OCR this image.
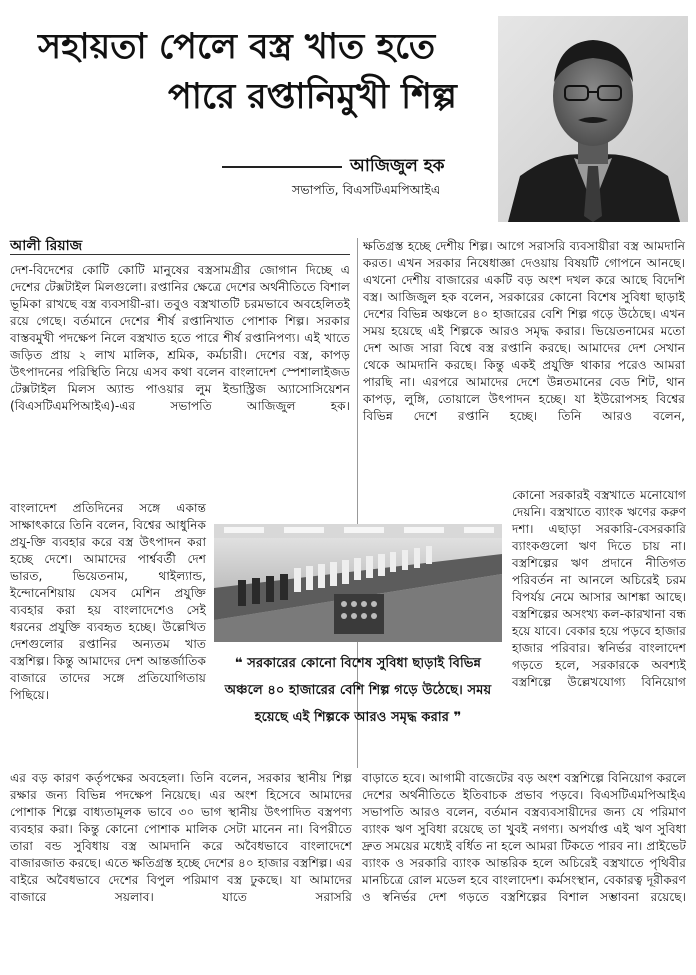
সহায়তা পেলে বস্ত্র খাত হতে
পারে রপ্তানিমুখী শিল্প
আজিজুল হক
সভাপতি, বিএসটিএমপিআইএ
আলী রিয়াজ

দেশ-বিদেশের কোটি কোটি মানুষের বস্ত্রসামগ্রীর জোগান দিচ্ছে এ দেশের টেক্সটাইল মিলগুলো। রপ্তানির ক্ষেত্রে দেশের অর্থনীতিতে বিশাল ভূমিকা রাখছে বস্ত্র ব্যবসায়ী-রা। তবুও বস্ত্রখাতটি চরমভাবে অবহেলিতই রয়ে গেছে। বর্তমানে দেশের শীর্ষ রপ্তানিখাত পোশাক শিল্প। সরকার বাস্তবমুখী পদক্ষেপ নিলে বস্ত্রখাত হতে পারে শীর্ষ রপ্তানিপণ্য। এই খাতে জড়িত প্রায় ২ লাখ মালিক, শ্রমিক, কর্মচারী। দেশের বস্ত্র, কাপড় উৎপাদনের পরিস্থিতি নিয়ে এসব কথা বলেন বাংলাদেশ স্পেশালাইজড টেক্সটাইল মিলস অ্যান্ড পাওয়ার লুম ইন্ডাস্ট্রিজ অ্যাসোসিয়েশন (বিএসটিএমপিআইএ)-এর সভাপতি আজিজুল হক।

বাংলাদেশ প্রতিদিনের সঙ্গে একান্ত সাক্ষাৎকারে তিনি বলেন, বিশ্বের আধুনিক প্রযু-ক্তি ব্যবহার করে বস্ত্র উৎপাদন করা হচ্ছে দেশে। আমাদের পার্শ্ববর্তী দেশ ভারত, ভিয়েতনাম, থাইল্যান্ড, ইন্দোনেশিয়ায় যেসব মেশিন প্রযুক্তি ব্যবহার করা হয় বাংলাদেশেও সেই ধরনের প্রযুক্তি ব্যবহৃত হচ্ছে। উল্লেখিত দেশগুলোর রপ্তানির অন্যতম খাত বস্ত্রশিল্প। কিন্তু আমাদের দেশ আন্তর্জাতিক বাজারে তাদের সঙ্গে প্রতিযোগিতায় পিছিয়ে।

ক্ষতিগ্রস্ত হচ্ছে দেশীয় শিল্প। আগে সরাসরি ব্যবসায়ীরা বস্ত্র আমদানি করত। এখন সরকার নিষেধাজ্ঞা দেওয়ায় বিষয়টি গোপনে আনছে। এখনো দেশীয় বাজারের একটি বড় অংশ দখল করে আছে বিদেশি বস্ত্র। আজিজুল হক বলেন, সরকারের কোনো বিশেষ সুবিধা ছাড়াই দেশের বিভিন্ন অঞ্চলে ৪০ হাজারের বেশি শিল্প গড়ে উঠেছে। এখন সময় হয়েছে এই শিল্পকে আরও সমৃদ্ধ করার। ভিয়েতনামের মতো দেশ আজ সারা বিশ্বে বস্ত্র রপ্তানি করছে। আমাদের দেশ সেখান থেকে আমদানি করছে। কিন্তু একই প্রযুক্তি থাকার পরেও আমরা পারছি না। এরপরে আমাদের দেশে উন্নতমানের বেড শিট, থান কাপড়, লুঙ্গি, তোয়ালে উৎপাদন হচ্ছে। যা ইউরোপসহ বিশ্বের বিভিন্ন দেশে রপ্তানি হচ্ছে। তিনি আরও বলেন,

কোনো সরকারই বস্ত্রখাতে মনোযোগ দেয়নি। বস্ত্রখাতে ব্যাংক ঋণের করুণ দশা। এছাড়া সরকারি-বেসরকারি ব্যাংকগুলো ঋণ দিতে চায় না। বস্ত্রশিল্পের ঋণ প্রদানে নীতিগত পরিবর্তন না আনলে অচিরেই চরম বিপর্যয় নেমে আসার আশঙ্কা আছে। বস্ত্রশিল্পের অসংখ্য কল-কারখানা বন্ধ হয়ে যাবে। বেকার হয়ে পড়বে হাজার হাজার পরিবার। স্বনির্ভর বাংলাদেশ গড়তে হলে, সরকারকে অবশ্যই বস্ত্রশিল্পে উল্লেখযোগ্য বিনিয়োগ

❝ সরকারের কোনো বিশেষ সুবিধা ছাড়াই বিভিন্ন অঞ্চলে ৪০ হাজারের বেশি শিল্প গড়ে উঠেছে। সময় হয়েছে এই শিল্পকে আরও সমৃদ্ধ করার ❞

এর বড় কারণ কর্তৃপক্ষের অবহেলা। তিনি বলেন, সরকার স্থানীয় শিল্প রক্ষার জন্য বিভিন্ন পদক্ষেপ নিয়েছে। এর অংশ হিসেবে আমাদের পোশাক শিল্পে বাধ্যতামূলক ভাবে ৩০ ভাগ স্থানীয় উৎপাদিত বস্ত্রপণ্য ব্যবহার করা। কিন্তু কোনো পোশাক মালিক সেটা মানেন না। বিপরীতে তারা বন্ড সুবিধায় বস্ত্র আমদানি করে অবৈধভাবে বাংলাদেশে বাজারজাত করছে। এতে ক্ষতিগ্রস্ত হচ্ছে দেশের ৪০ হাজার বস্ত্রশিল্প। এর বাইরে অবৈধভাবে দেশের বিপুল পরিমাণ বস্ত্র ঢুকছে। যা আমাদের বাজারে সয়লাব। যাতে সরাসরি

বাড়াতে হবে। আগামী বাজেটের বড় অংশ বস্ত্রশিল্পে বিনিয়োগ করলে দেশের অর্থনীতিতে ইতিবাচক প্রভাব পড়বে। বিএসটিএমপিআইএ সভাপতি আরও বলেন, বর্তমান বস্ত্রব্যবসায়ীদের জন্য যে পরিমাণ ব্যাংক ঋণ সুবিধা রয়েছে তা খুবই নগণ্য। অপর্যাপ্ত এই ঋণ সুবিধা দ্রুত সময়ের মধ্যেই বর্ধিত না হলে আমরা টিকতে পারব না। প্রাইভেট ব্যাংক ও সরকারি ব্যাংক আন্তরিক হলে অচিরেই বস্ত্রখাতে পৃথিবীর মানচিত্রে রোল মডেল হবে বাংলাদেশ। কর্মসংস্থান, বেকারত্ব দূরীকরণ ও স্বনির্ভর দেশ গড়তে বস্ত্রশিল্পের বিশাল সম্ভাবনা রয়েছে।
